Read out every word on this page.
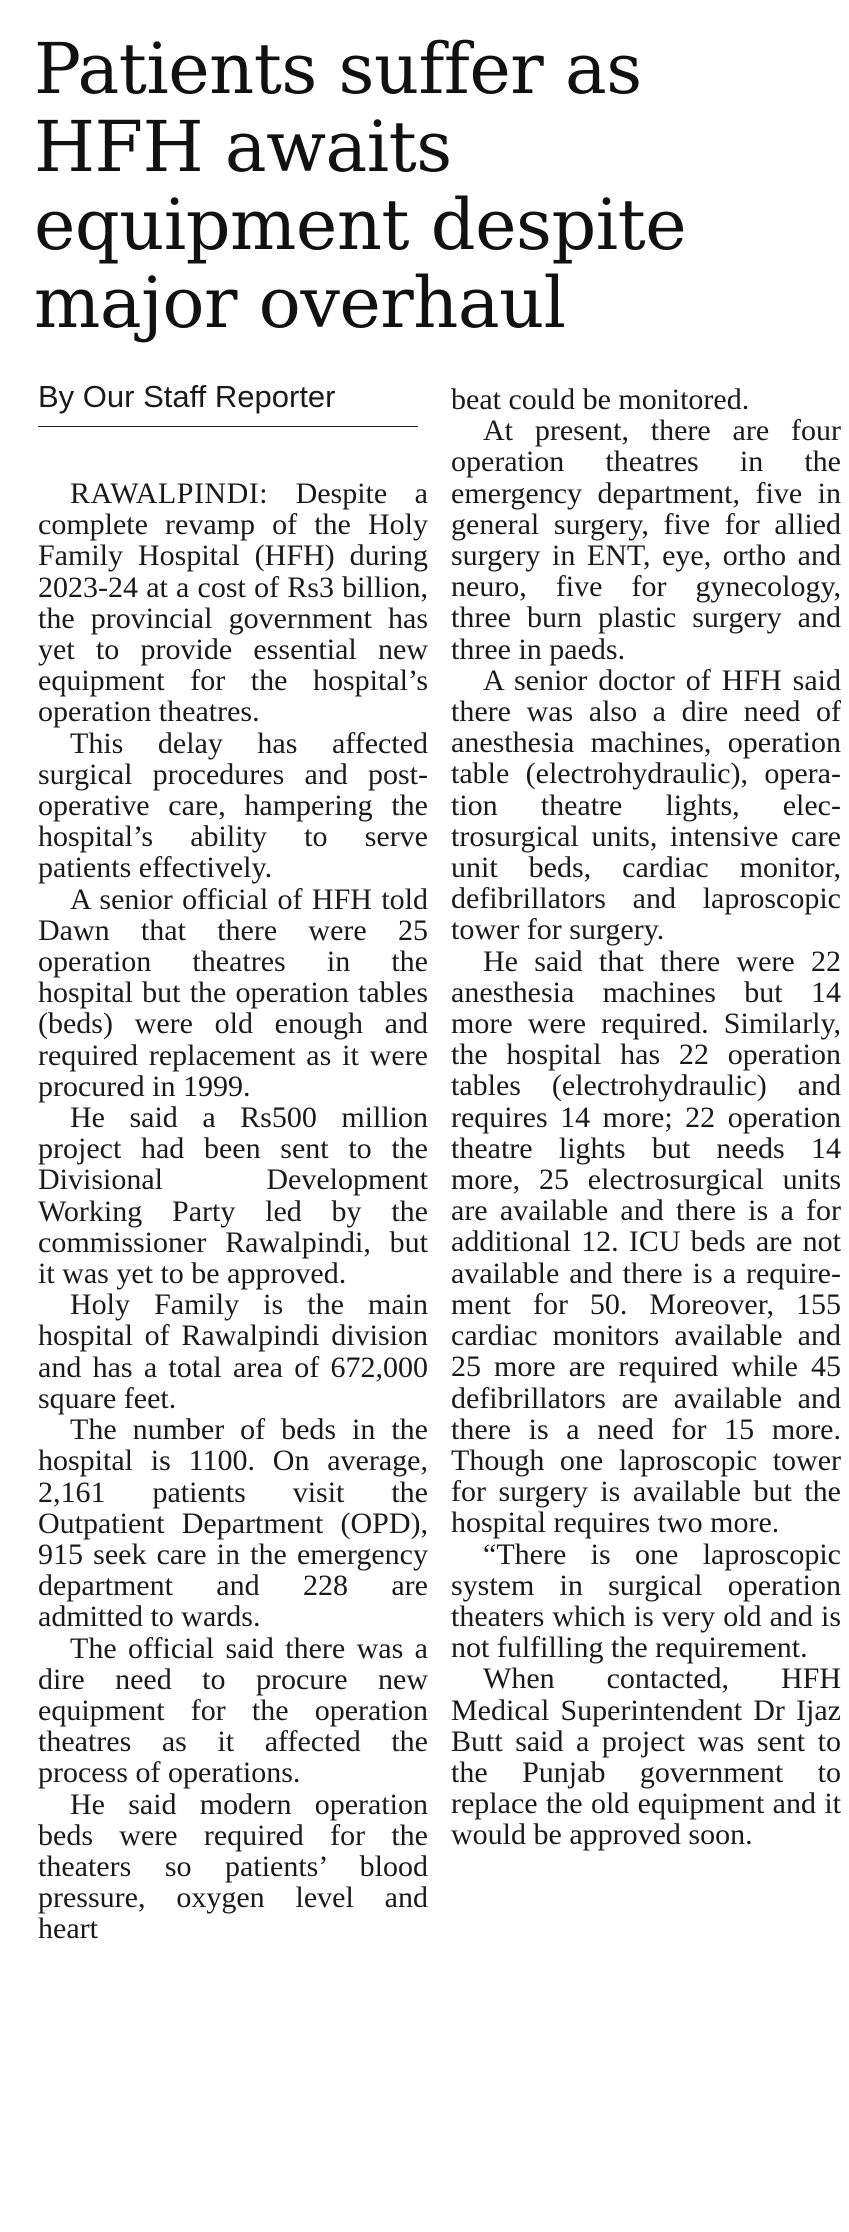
Patients suffer as HFH awaits equipment despite major overhaul
By Our Staff Reporter

RAWALPINDI: Despite a complete revamp of the Holy Family Hospital (HFH) during 2023-24 at a cost of Rs3 billion, the provincial government has yet to provide essential new equipment for the hospital’s operation theatres.

This delay has affected surgical procedures and post-operative care, hampering the hospital’s ability to serve patients effectively.

A senior official of HFH told Dawn that there were 25 operation theatres in the hospital but the operation tables (beds) were old enough and required replacement as it were procured in 1999.

He said a Rs500 million project had been sent to the Divisional Development Working Party led by the commissioner Rawalpindi, but it was yet to be approved.

Holy Family is the main hospital of Rawalpindi division and has a total area of 672,000 square feet.

The number of beds in the hospital is 1100. On average, 2,161 patients visit the Outpatient Department (OPD), 915 seek care in the emergency department and 228 are admitted to wards.

The official said there was a dire need to procure new equipment for the operation theatres as it affected the process of operations.

He said modern operation beds were required for the theaters so patients’ blood pressure, oxygen level and heart

beat could be monitored.

At present, there are four operation theatres in the emergency department, five in general surgery, five for allied surgery in ENT, eye, ortho and neuro, five for gynecology, three burn plastic surgery and three in paeds.

A senior doctor of HFH said there was also a dire need of anesthesia machines, operation table (electrohydraulic), operation theatre lights, electrosurgical units, intensive care unit beds, cardiac monitor, defibrillators and laproscopic tower for surgery.

He said that there were 22 anesthesia machines but 14 more were required. Similarly, the hospital has 22 operation tables (electrohydraulic) and requires 14 more; 22 operation theatre lights but needs 14 more, 25 electrosurgical units are available and there is a for additional 12. ICU beds are not available and there is a requirement for 50. Moreover, 155 cardiac monitors available and 25 more are required while 45 defibrillators are available and there is a need for 15 more. Though one laproscopic tower for surgery is available but the hospital requires two more.

“There is one laproscopic system in surgical operation theaters which is very old and is not fulfilling the requirement.

When contacted, HFH Medical Superintendent Dr Ijaz Butt said a project was sent to the Punjab government to replace the old equipment and it would be approved soon.
